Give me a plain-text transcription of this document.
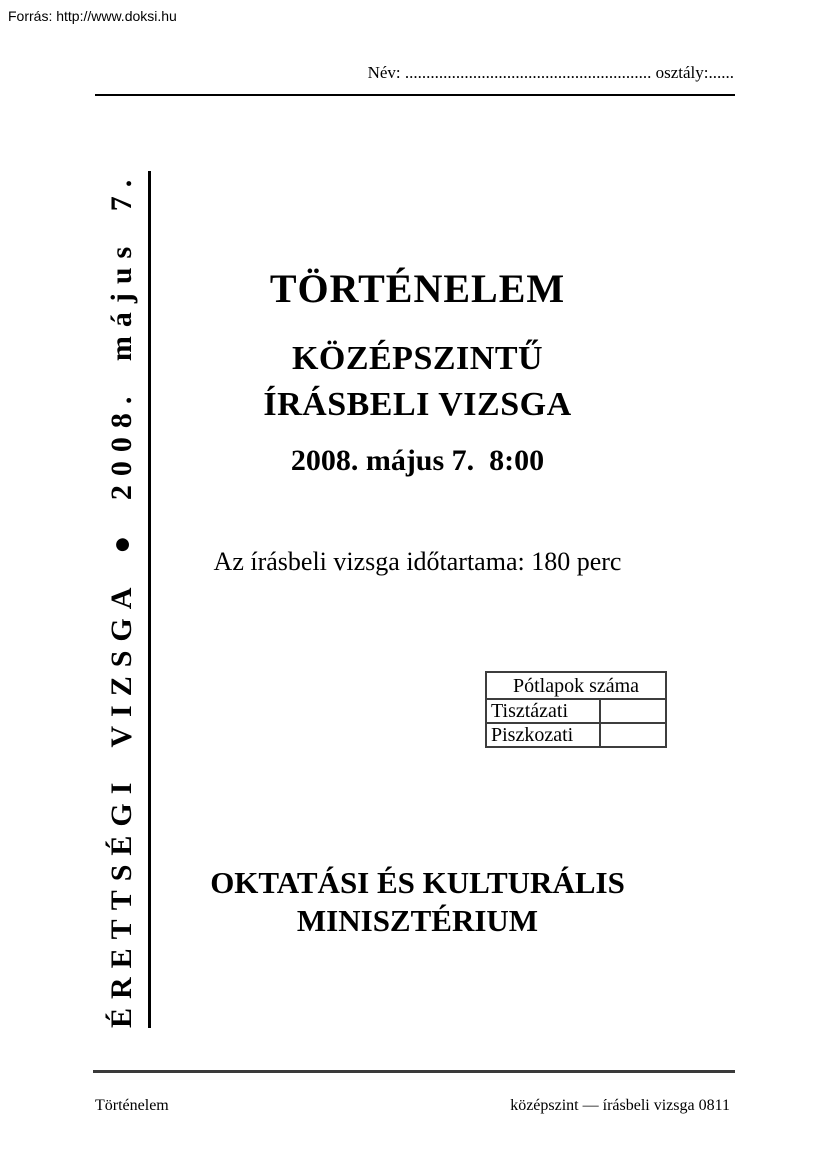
Forrás: http://www.doksi.hu
Név: .......................................................... osztály:......
ÉRETTSÉGI VIZSGA ● 2008. május 7.	TÖRTÉNELEM
KÖZÉPSZINTŰ
ÍRÁSBELI VIZSGA
2008. május 7.  8:00
Az írásbeli vizsga időtartama: 180 perc
Pótlapok száma	
Tisztázati	
Piszkozati	
OKTATÁSI ÉS KULTURÁLIS
MINISZTÉRIUM
Történelem	középszint — írásbeli vizsga 0811
